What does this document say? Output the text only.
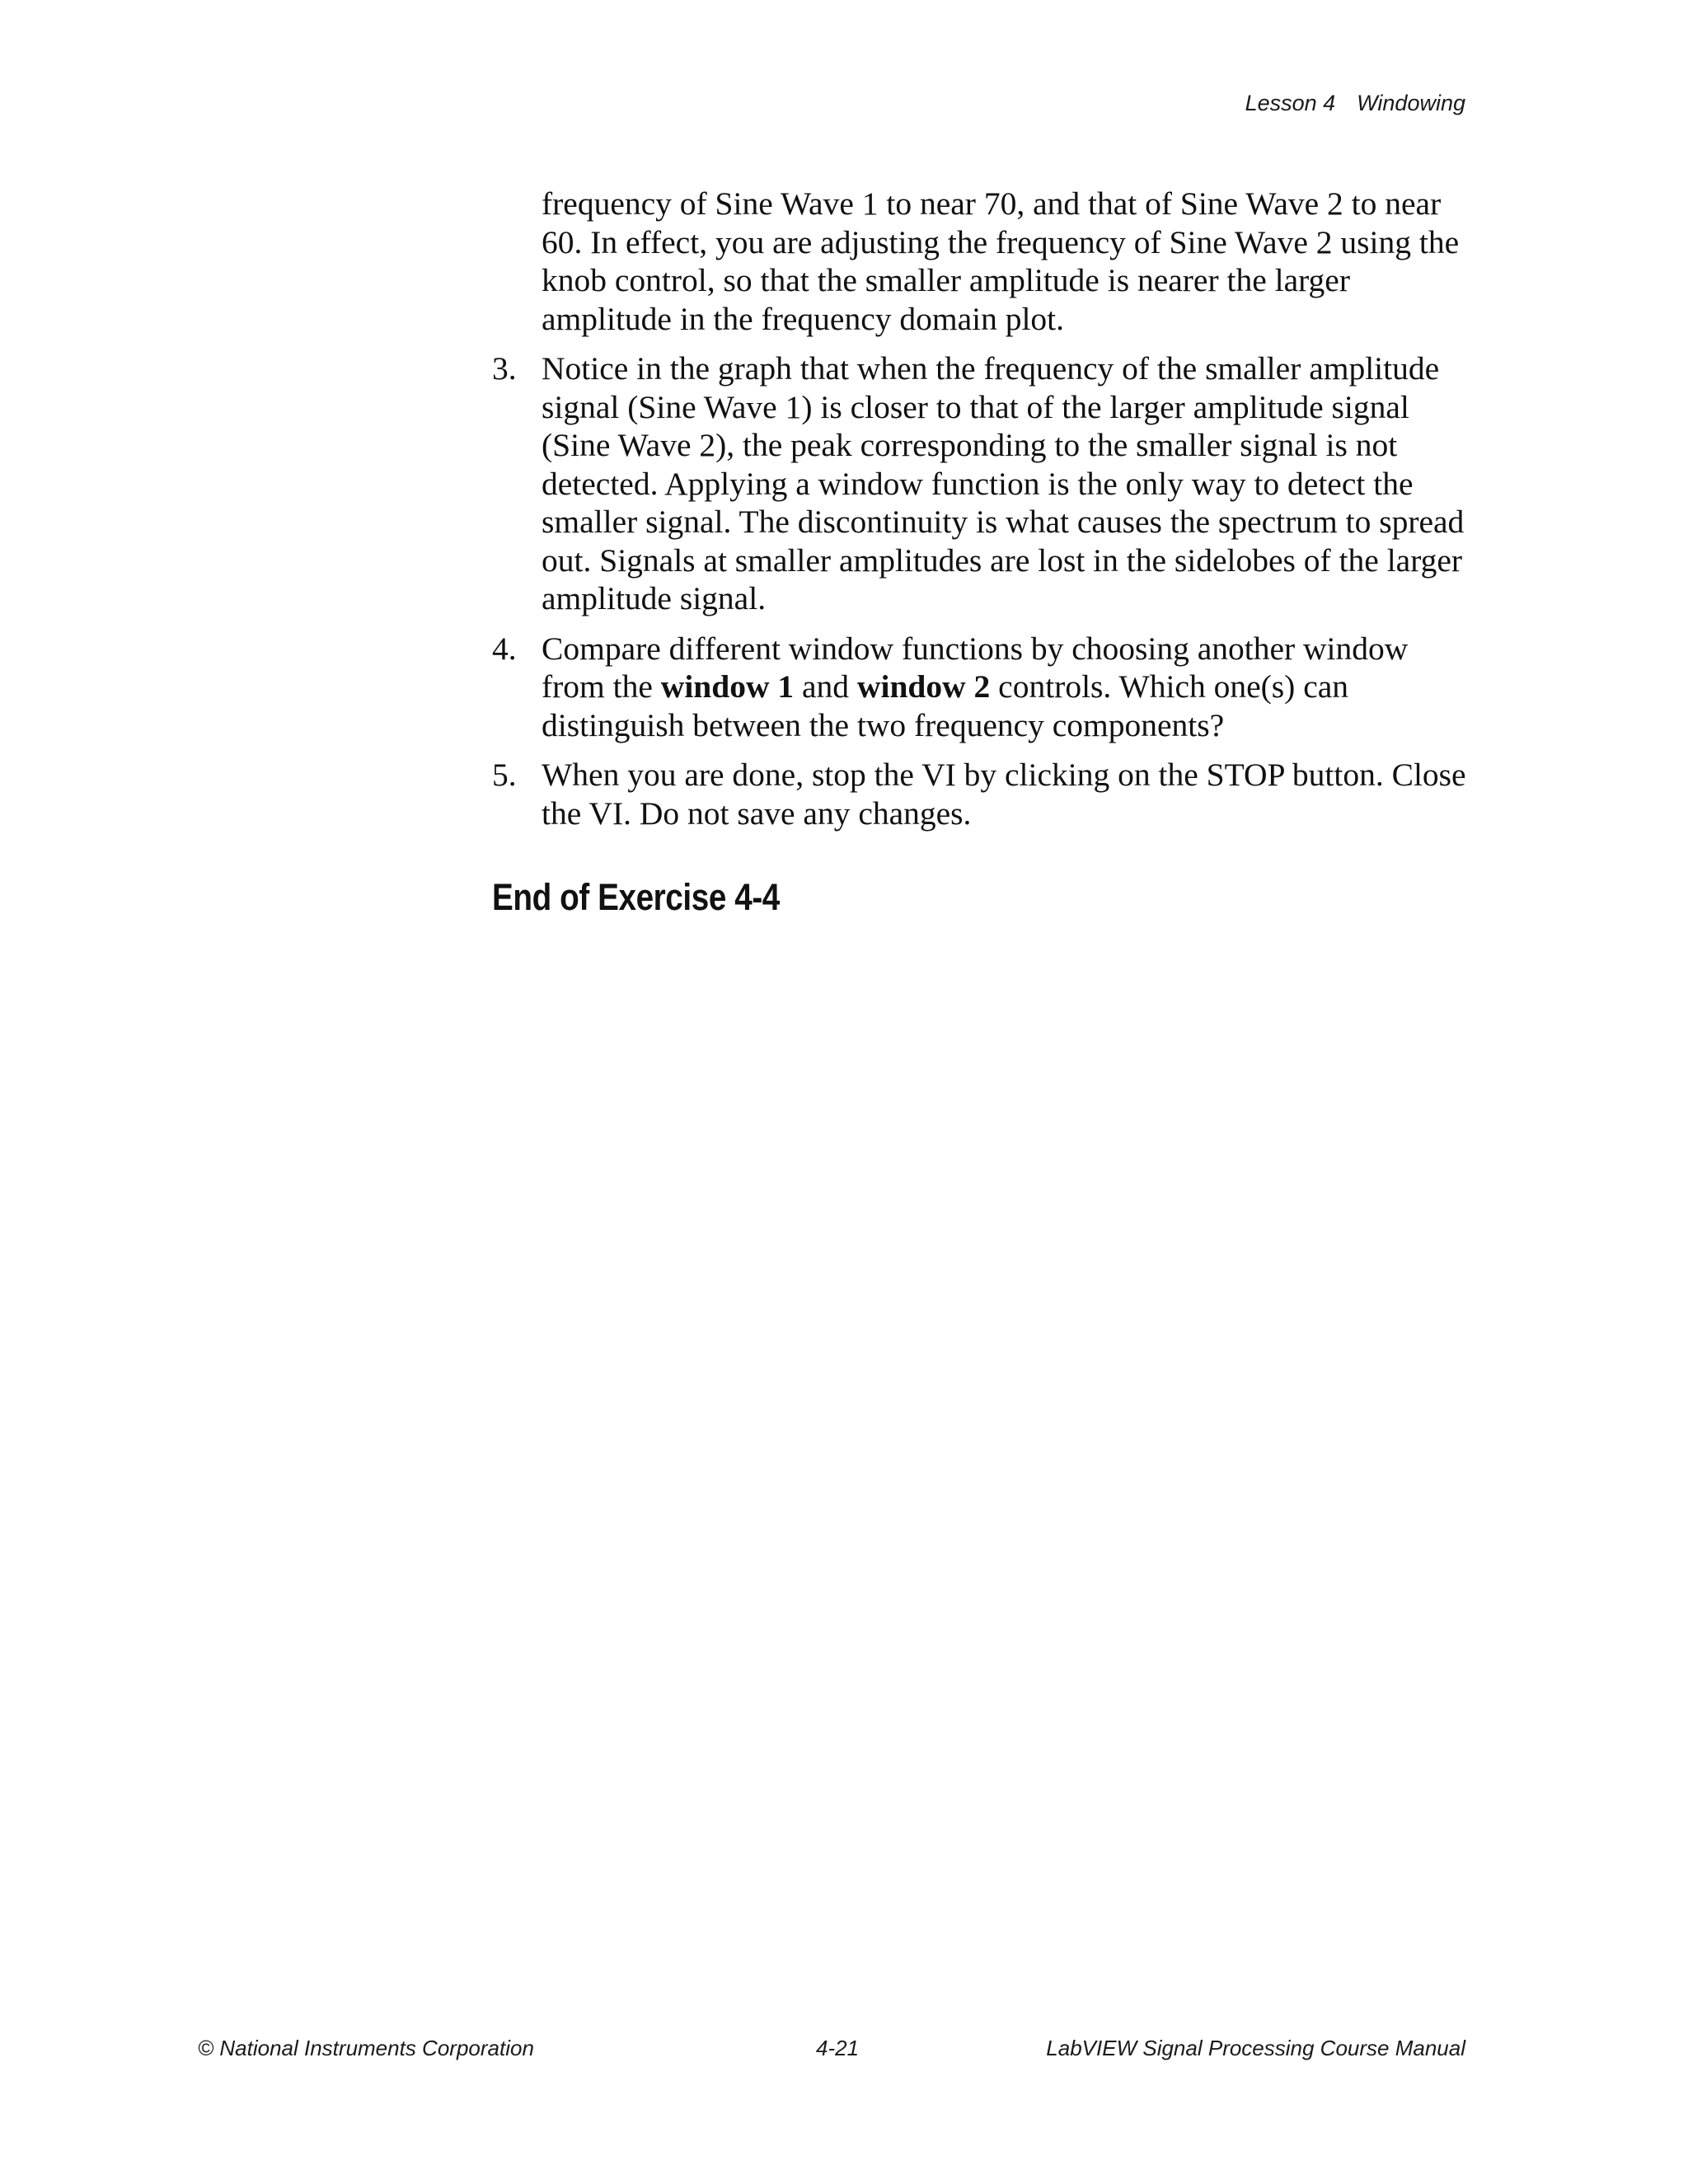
Lesson 4 Windowing
frequency of Sine Wave 1 to near 70, and that of Sine Wave 2 to near 60. In effect, you are adjusting the frequency of Sine Wave 2 using the knob control, so that the smaller amplitude is nearer the larger amplitude in the frequency domain plot.
3. Notice in the graph that when the frequency of the smaller amplitude signal (Sine Wave 1) is closer to that of the larger amplitude signal (Sine Wave 2), the peak corresponding to the smaller signal is not detected. Applying a window function is the only way to detect the smaller signal. The discontinuity is what causes the spectrum to spread out. Signals at smaller amplitudes are lost in the sidelobes of the larger amplitude signal.
4. Compare different window functions by choosing another window from the window 1 and window 2 controls. Which one(s) can distinguish between the two frequency components?
5. When you are done, stop the VI by clicking on the STOP button. Close the VI. Do not save any changes.
End of Exercise 4-4
© National Instruments Corporation	4-21	LabVIEW Signal Processing Course Manual
